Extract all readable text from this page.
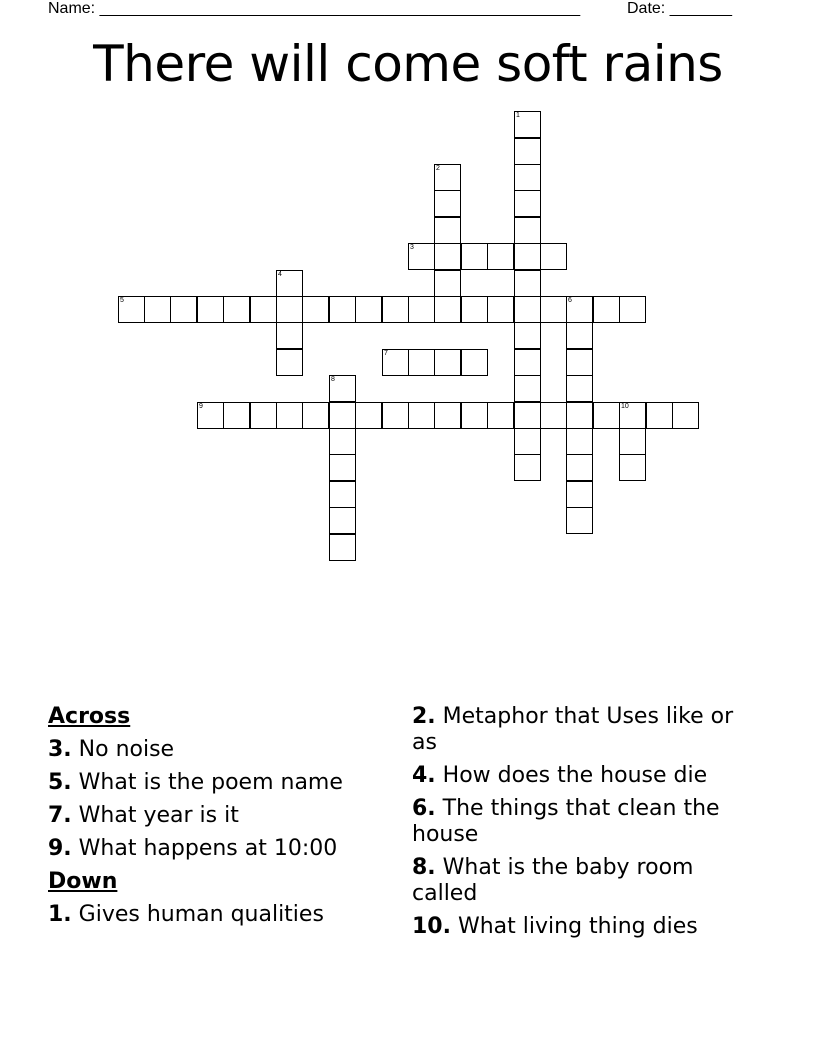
Name: ______________________________________________________	Date: _______
There will come soft rains
1
2
3
4
5	6
7
8
9	10
Across
3. No noise
5. What is the poem name
7. What year is it
9. What happens at 10:00
Down
1. Gives human qualities
2. Metaphor that Uses like or as
4. How does the house die
6. The things that clean the house
8. What is the baby room called
10. What living thing dies
